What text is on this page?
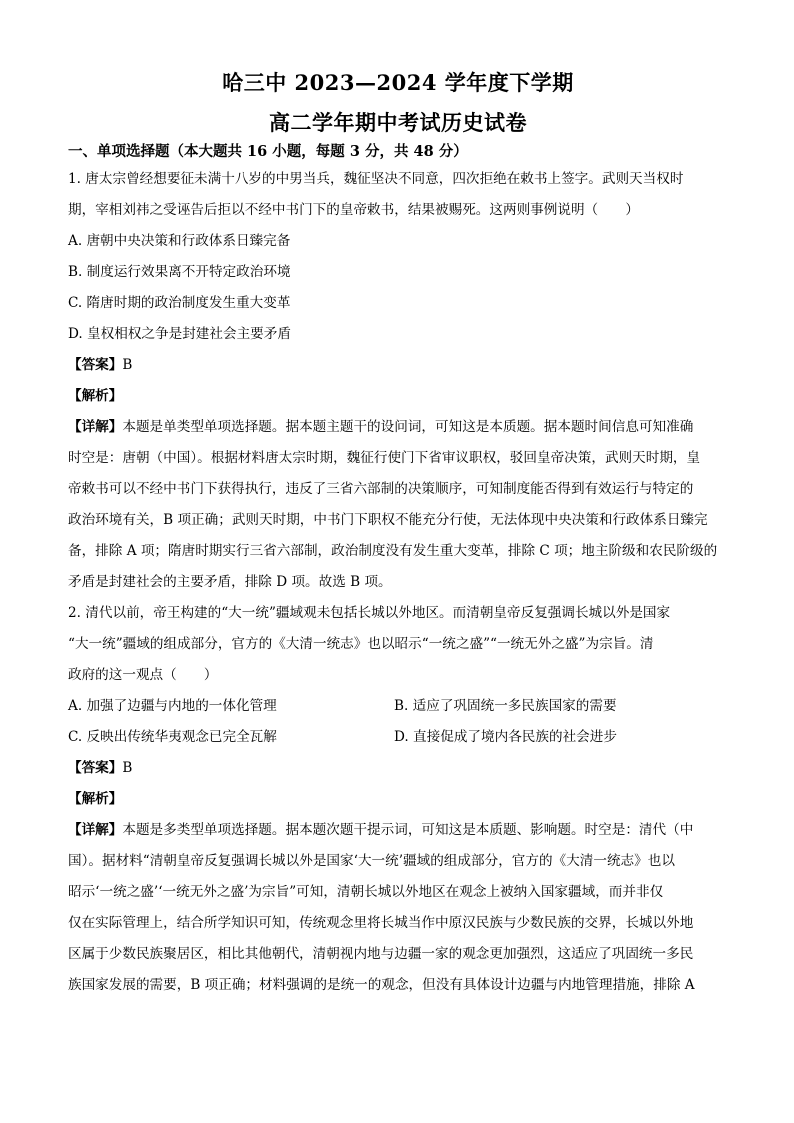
哈三中 2023—2024 学年度下学期

高二学年期中考试历史试卷

一、单项选择题（本大题共 16 小题，每题 3 分，共 48 分）

1. 唐太宗曾经想要征未满十八岁的中男当兵，魏征坚决不同意，四次拒绝在敕书上签字。武则天当权时

期，宰相刘祎之受诬告后拒以不经中书门下的皇帝敕书，结果被赐死。这两则事例说明（　　）

A. 唐朝中央决策和行政体系日臻完备

B. 制度运行效果离不开特定政治环境

C. 隋唐时期的政治制度发生重大变革

D. 皇权相权之争是封建社会主要矛盾

【答案】B

【解析】

【详解】本题是单类型单项选择题。据本题主题干的设问词，可知这是本质题。据本题时间信息可知准确

时空是：唐朝（中国）。根据材料唐太宗时期，魏征行使门下省审议职权，驳回皇帝决策，武则天时期，皇

帝敕书可以不经中书门下获得执行，违反了三省六部制的决策顺序，可知制度能否得到有效运行与特定的

政治环境有关，B 项正确；武则天时期，中书门下职权不能充分行使，无法体现中央决策和行政体系日臻完

备，排除 A 项；隋唐时期实行三省六部制，政治制度没有发生重大变革，排除 C 项；地主阶级和农民阶级的

矛盾是封建社会的主要矛盾，排除 D 项。故选 B 项。

2. 清代以前，帝王构建的“大一统”疆域观未包括长城以外地区。而清朝皇帝反复强调长城以外是国家

“大一统”疆域的组成部分，官方的《大清一统志》也以昭示“一统之盛”“一统无外之盛”为宗旨。清

政府的这一观点（　　）

A. 加强了边疆与内地的一体化管理	B. 适应了巩固统一多民族国家的需要
C. 反映出传统华夷观念已完全瓦解	D. 直接促成了境内各民族的社会进步

【答案】B

【解析】

【详解】本题是多类型单项选择题。据本题次题干提示词，可知这是本质题、影响题。时空是：清代（中

国）。据材料“清朝皇帝反复强调长城以外是国家‘大一统’疆域的组成部分，官方的《大清一统志》也以

昭示‘一统之盛’‘一统无外之盛’为宗旨”可知，清朝长城以外地区在观念上被纳入国家疆域，而并非仅

仅在实际管理上，结合所学知识可知，传统观念里将长城当作中原汉民族与少数民族的交界，长城以外地

区属于少数民族聚居区，相比其他朝代，清朝视内地与边疆一家的观念更加强烈，这适应了巩固统一多民

族国家发展的需要，B 项正确；材料强调的是统一的观念，但没有具体设计边疆与内地管理措施，排除 A
